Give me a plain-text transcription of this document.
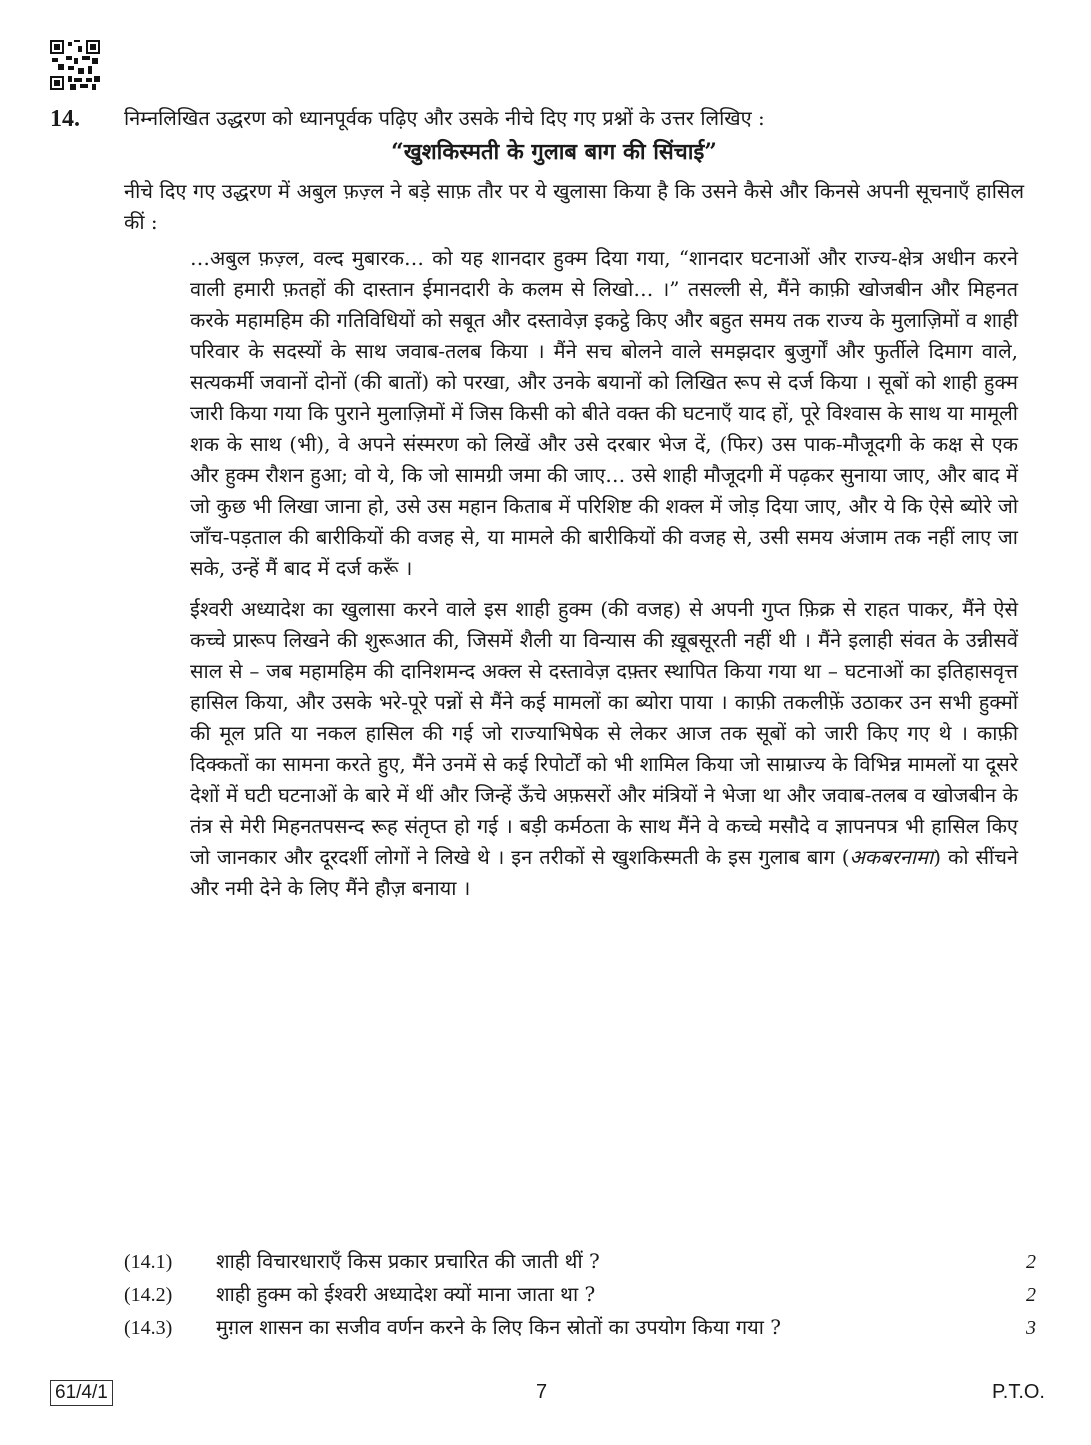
14. निम्नलिखित उद्धरण को ध्यानपूर्वक पढ़िए और उसके नीचे दिए गए प्रश्नों के उत्तर लिखिए :
“खुशकिस्मती के गुलाब बाग की सिंचाई”
नीचे दिए गए उद्धरण में अबुल फ़ज़्ल ने बड़े साफ़ तौर पर ये खुलासा किया है कि उसने कैसे और किनसे अपनी सूचनाएँ हासिल कीं :

…अबुल फ़ज़्ल, वल्द मुबारक… को यह शानदार हुक्म दिया गया, “शानदार घटनाओं और राज्य-क्षेत्र अधीन करने वाली हमारी फ़तहों की दास्तान ईमानदारी के कलम से लिखो… ।” तसल्ली से, मैंने काफ़ी खोजबीन और मिहनत करके महामहिम की गतिविधियों को सबूत और दस्तावेज़ इकट्ठे किए और बहुत समय तक राज्य के मुलाज़िमों व शाही परिवार के सदस्यों के साथ जवाब-तलब किया । मैंने सच बोलने वाले समझदार बुजुर्गों और फुर्तीले दिमाग वाले, सत्यकर्मी जवानों दोनों (की बातों) को परखा, और उनके बयानों को लिखित रूप से दर्ज किया । सूबों को शाही हुक्म जारी किया गया कि पुराने मुलाज़िमों में जिस किसी को बीते वक्त की घटनाएँ याद हों, पूरे विश्वास के साथ या मामूली शक के साथ (भी), वे अपने संस्मरण को लिखें और उसे दरबार भेज दें, (फिर) उस पाक-मौजूदगी के कक्ष से एक और हुक्म रौशन हुआ; वो ये, कि जो सामग्री जमा की जाए… उसे शाही मौजूदगी में पढ़कर सुनाया जाए, और बाद में जो कुछ भी लिखा जाना हो, उसे उस महान किताब में परिशिष्ट की शक्ल में जोड़ दिया जाए, और ये कि ऐसे ब्योरे जो जाँच-पड़ताल की बारीकियों की वजह से, या मामले की बारीकियों की वजह से, उसी समय अंजाम तक नहीं लाए जा सके, उन्हें मैं बाद में दर्ज करूँ ।

ईश्वरी अध्यादेश का खुलासा करने वाले इस शाही हुक्म (की वजह) से अपनी गुप्त फ़िक्र से राहत पाकर, मैंने ऐसे कच्चे प्रारूप लिखने की शुरूआत की, जिसमें शैली या विन्यास की ख़ूबसूरती नहीं थी । मैंने इलाही संवत के उन्नीसवें साल से – जब महामहिम की दानिशमन्द अक्ल से दस्तावेज़ दफ़्तर स्थापित किया गया था – घटनाओं का इतिहासवृत्त हासिल किया, और उसके भरे-पूरे पन्नों से मैंने कई मामलों का ब्योरा पाया । काफ़ी तकलीफ़ें उठाकर उन सभी हुक्मों की मूल प्रति या नकल हासिल की गई जो राज्याभिषेक से लेकर आज तक सूबों को जारी किए गए थे । काफ़ी दिक्कतों का सामना करते हुए, मैंने उनमें से कई रिपोर्टों को भी शामिल किया जो साम्राज्य के विभिन्न मामलों या दूसरे देशों में घटी घटनाओं के बारे में थीं और जिन्हें ऊँचे अफ़सरों और मंत्रियों ने भेजा था और जवाब-तलब व खोजबीन के तंत्र से मेरी मिहनतपसन्द रूह संतृप्त हो गई । बड़ी कर्मठता के साथ मैंने वे कच्चे मसौदे व ज्ञापनपत्र भी हासिल किए जो जानकार और दूरदर्शी लोगों ने लिखे थे । इन तरीकों से खुशकिस्मती के इस गुलाब बाग (अकबरनामा) को सींचने और नमी देने के लिए मैंने हौज़ बनाया ।

(14.1)	शाही विचारधाराएँ किस प्रकार प्रचारित की जाती थीं ?	2
(14.2)	शाही हुक्म को ईश्वरी अध्यादेश क्यों माना जाता था ?	2
(14.3)	मुग़ल शासन का सजीव वर्णन करने के लिए किन स्रोतों का उपयोग किया गया ?	3
61/4/1	7	P.T.O.
